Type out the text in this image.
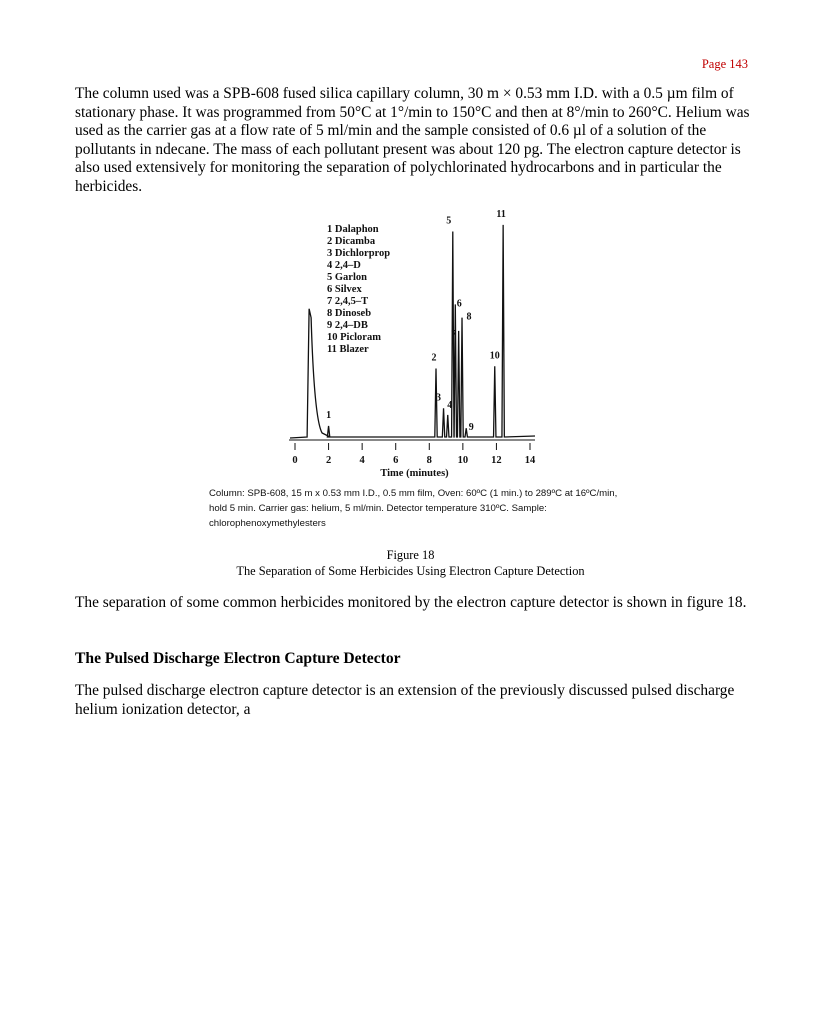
Page 143

The column used was a SPB-608 fused silica capillary column, 30 m × 0.53 mm I.D. with a 0.5 µm film of stationary phase. It was programmed from 50°C at 1°/min to 150°C and then at 8°/min to 260°C. Helium was used as the carrier gas at a flow rate of 5 ml/min and the sample consisted of 0.6 µl of a solution of the pollutants in ndecane. The mass of each pollutant present was about 120 pg. The electron capture detector is also used extensively for monitoring the separation of polychlorinated hydrocarbons and in particular the herbicides.

1 Dalaphon
2 Dicamba
3 Dichlorprop
4 2,4–D
5 Garlon
6 Silvex
7 2,4,5–T
8 Dinoseb
9 2,4–DB
10 Picloram
11 Blazer
0	2	4	6	8 10 12 14
Time (minutes)
1
2
3
4
5
6
7
8
9
10
11

Column: SPB-608, 15 m x 0.53 mm I.D., 0.5 mm film, Oven: 60ºC (1 min.) to 289ºC at 16ºC/min, hold 5 min. Carrier gas: helium, 5 ml/min. Detector temperature 310ºC. Sample: chlorophenoxymethylesters

Figure 18
The Separation of Some Herbicides Using Electron Capture Detection

The separation of some common herbicides monitored by the electron capture detector is shown in figure 18.

The Pulsed Discharge Electron Capture Detector

The pulsed discharge electron capture detector is an extension of the previously discussed pulsed discharge helium ionization detector, a
